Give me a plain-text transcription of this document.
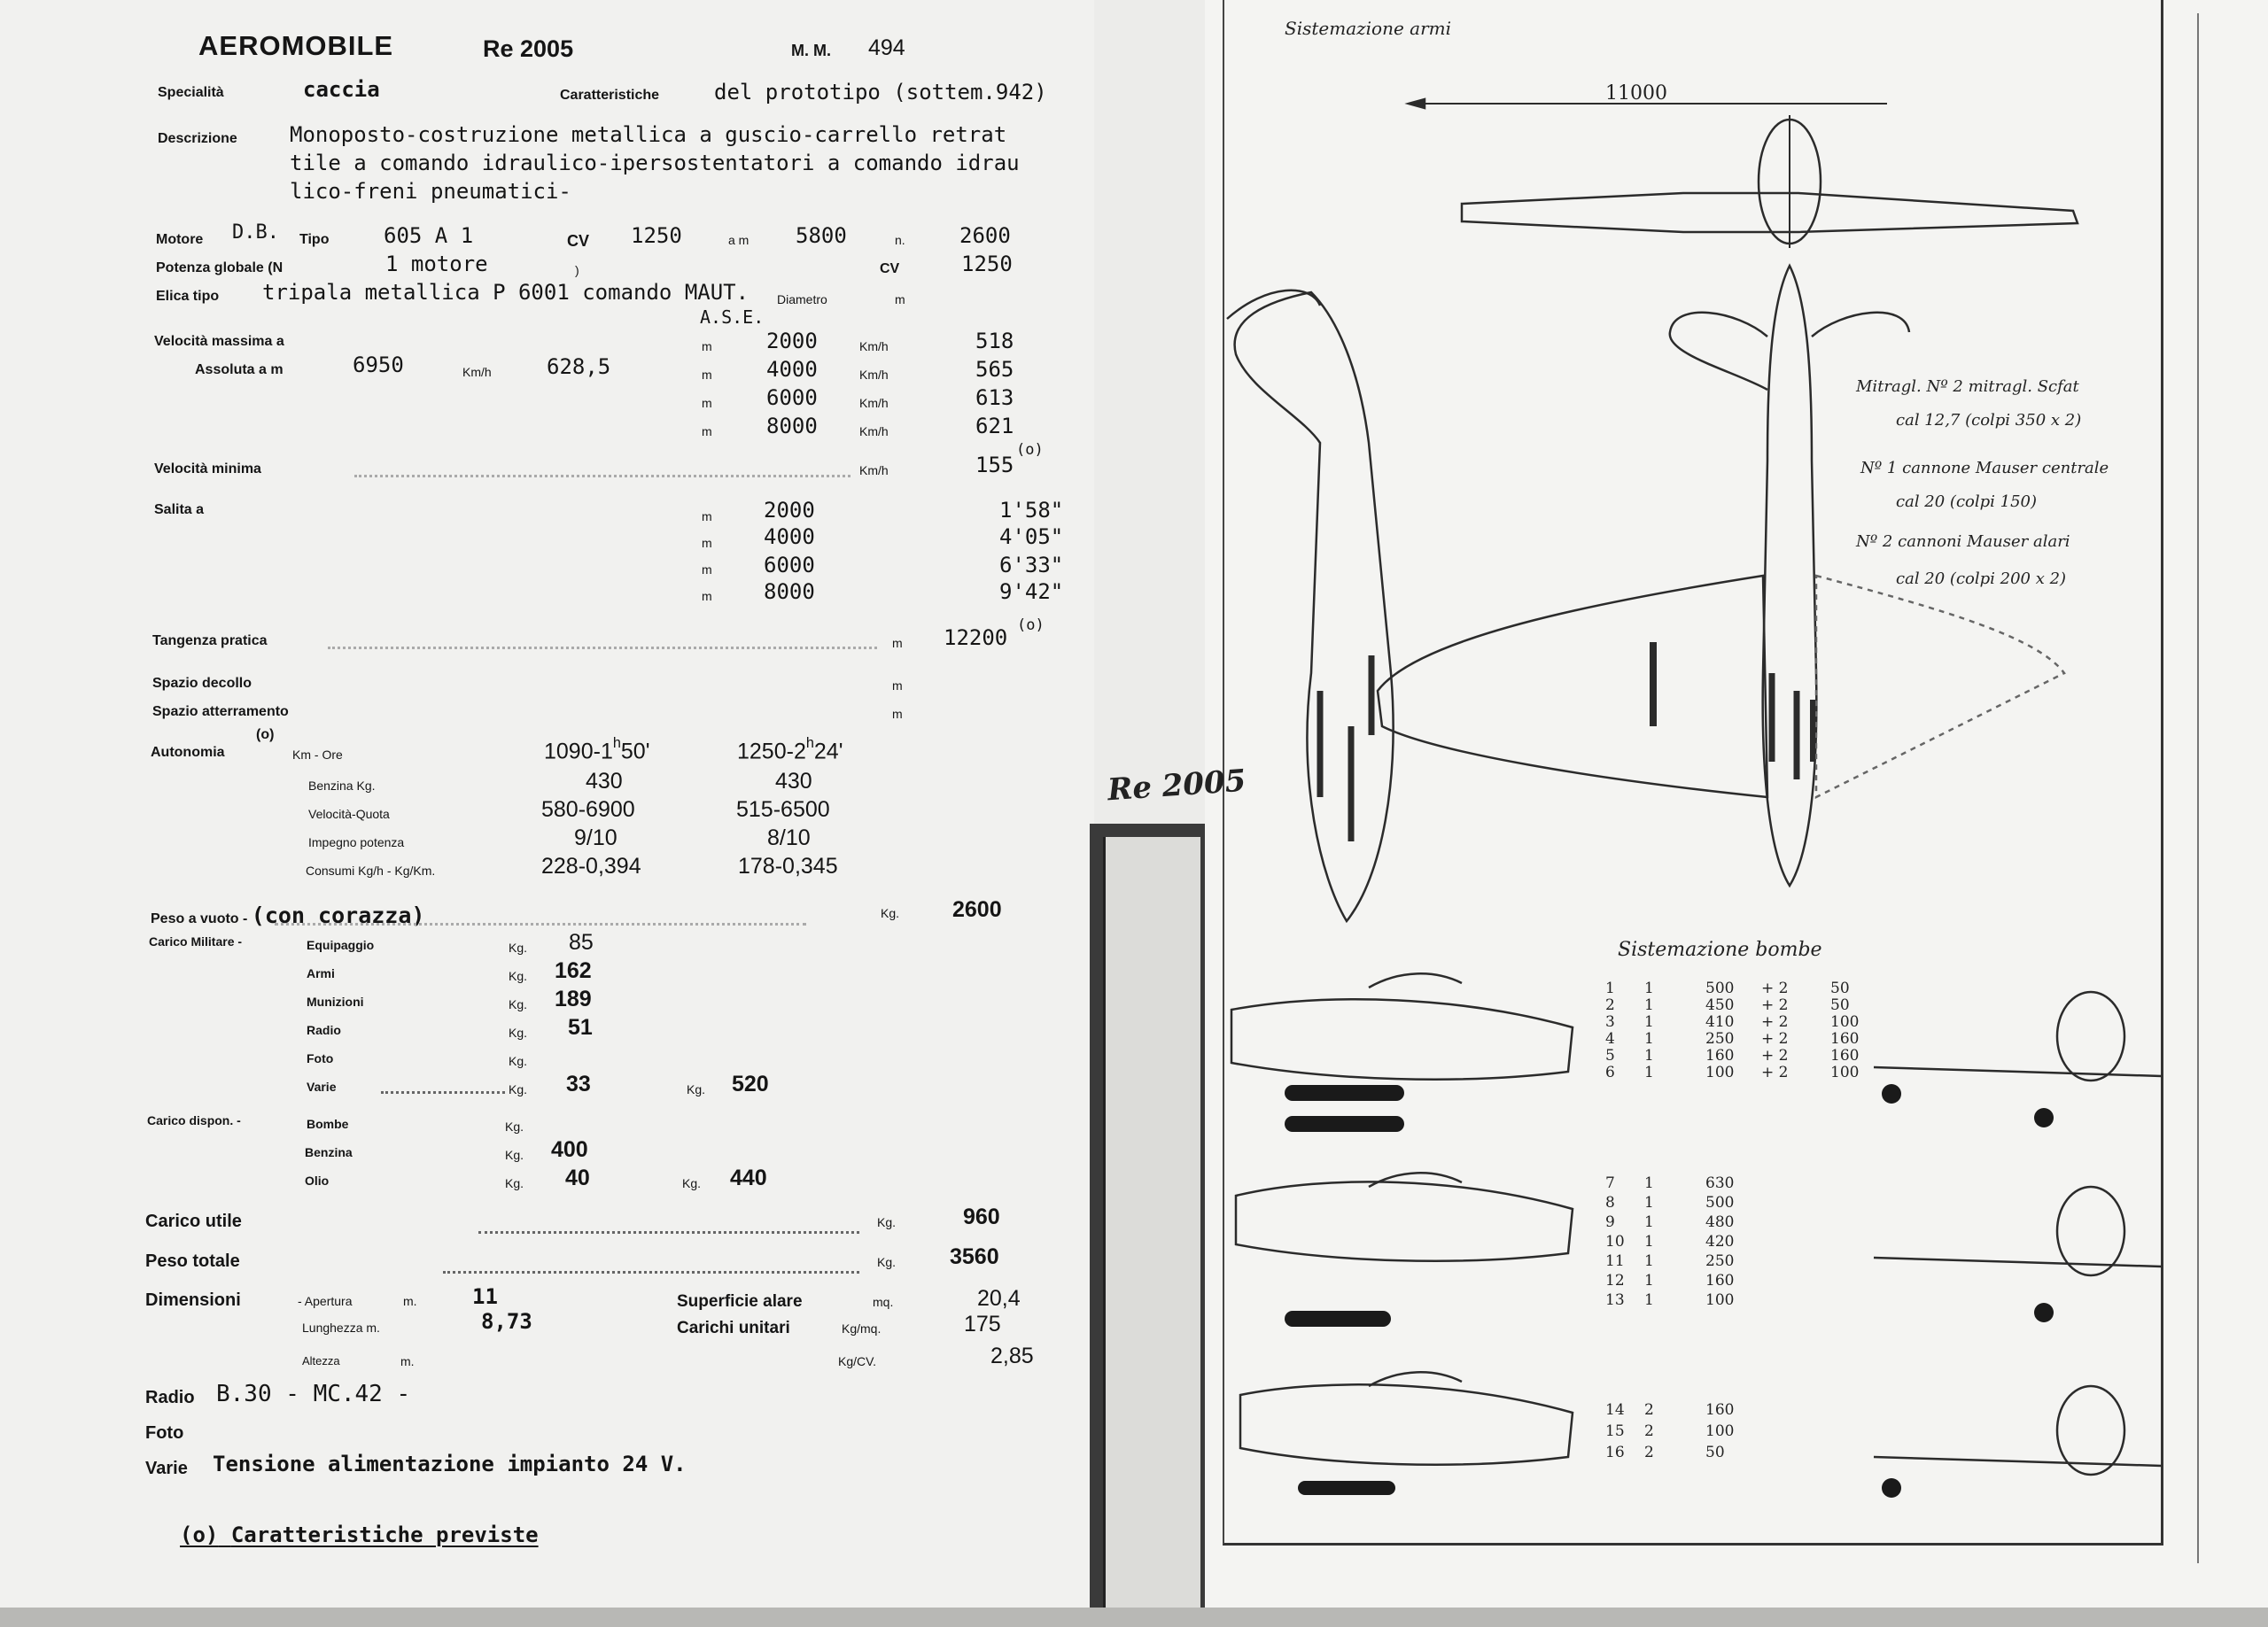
AEROMOBILE	Re 2005	M. M. 494
Specialità	caccia	Caratteristiche	del prototipo (sottem.942)
Descrizione Monoposto-costruzione metallica a guscio-carrello retrat
tile a comando idraulico-ipersostentatori a comando idrau
lico-freni pneumatici-
Motore D.B. Tipo	605 A 1	CV 1250	a m 5800	n.	2600
Potenza globale (N	1 motore	)	CV	1250
Elica tipo tripala metallica P 6001 comando MAUT. Diametro	m
A.S.E.
Velocità massima a
Assoluta a m	6950	Km/h	628,5
m	2000	Km/h	518
m	4000	Km/h	565
m	6000	Km/h	613
m	8000	Km/h	621
Velocità minima	Km/h	155
(o)
Salita a	m 2000	1'58"
m 4000	4'05"
m 6000	6'33"
m 8000	9'42"
Tangenza pratica	m 12200 (o)
Spazio decollo	m
Spazio atterramento	m
Autonomia
(o)
Km - Ore	1090-1$^h$50'	1250-2$^h$24'
Benzina Kg.	430	430
Velocità-Quota	580-6900	515-6500
Impegno potenza	9/10	8/10
Consumi Kg/h - Kg/Km.	228-0,394	178-0,345
Peso a vuoto - (con corazza)	Kg. 2600
Carico Militare -	Equipaggio	Kg. 85
Armi	Kg. 162
Munizioni	Kg. 189
Radio	Kg. 51
Foto	Kg.
Varie	Kg. 33	Kg. 520
Carico dispon. -	Bombe	Kg.
Benzina	Kg. 400
Olio	Kg. 40	Kg. 440
Carico utile	Kg.	960
Peso totale	Kg. 3560
Dimensioni	- Apertura	m.	11	Superficie alare	mq.	20,4
Lunghezza m.	8,73	Carichi unitari	Kg/mq.	175
Altezza	m.	Kg/CV.	2,85
Radio B.30 - MC.42 -
Foto
Varie Tensione alimentazione impianto 24 V.
(o) Caratteristiche previste
Re 2005
Sistemazione armi
11000
Mitragl. Nº 2 mitragl. Scfat
cal 12,7 (colpi 350 x 2)
Nº 1 cannone Mauser centrale
cal 20 (colpi 150)
Nº 2 cannoni Mauser alari
cal 20 (colpi 200 x 2)
Sistemazione bombe
1 1	500 + 2	50
2 1	450 + 2	50
3 1	410 + 2	100
4 1	250 + 2	160
5 1	160 + 2	160
6 1	100 + 2	100
7 1	630
8 1	500
9 1	480
10 1	420
11 1	250
12 1	160
13 1	100
14 2	160
15 2	100
16 2	50
